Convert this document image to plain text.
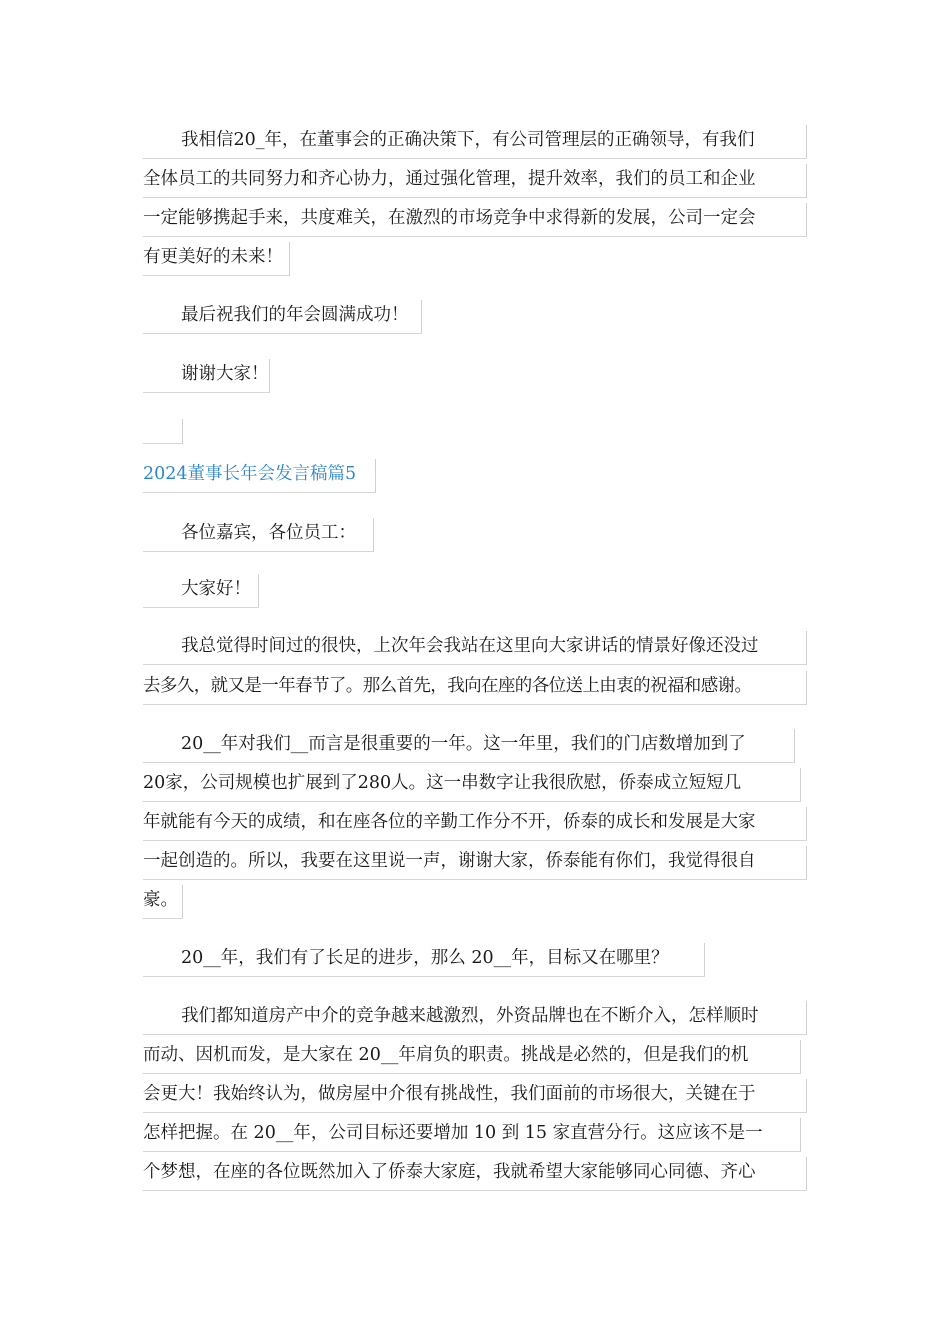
我相信20_年，在董事会的正确决策下，有公司管理层的正确领导，有我们
全体员工的共同努力和齐心协力，通过强化管理，提升效率，我们的员工和企业
一定能够携起手来，共度难关，在激烈的市场竞争中求得新的发展，公司一定会
有更美好的未来！
最后祝我们的年会圆满成功！
谢谢大家！
2024董事长年会发言稿篇5
各位嘉宾，各位员工：
大家好！
我总觉得时间过的很快，上次年会我站在这里向大家讲话的情景好像还没过
去多久，就又是一年春节了。那么首先，我向在座的各位送上由衷的祝福和感谢。
20__年对我们__而言是很重要的一年。这一年里，我们的门店数增加到了
20家，公司规模也扩展到了280人。这一串数字让我很欣慰，侨泰成立短短几
年就能有今天的成绩，和在座各位的辛勤工作分不开，侨泰的成长和发展是大家
一起创造的。所以，我要在这里说一声，谢谢大家，侨泰能有你们，我觉得很自
豪。
20__年，我们有了长足的进步，那么 20__年，目标又在哪里？
我们都知道房产中介的竞争越来越激烈，外资品牌也在不断介入，怎样顺时
而动、因机而发，是大家在 20__年肩负的职责。挑战是必然的，但是我们的机
会更大！我始终认为，做房屋中介很有挑战性，我们面前的市场很大，关键在于
怎样把握。在 20__年，公司目标还要增加 10 到 15 家直营分行。这应该不是一
个梦想，在座的各位既然加入了侨泰大家庭，我就希望大家能够同心同德、齐心
